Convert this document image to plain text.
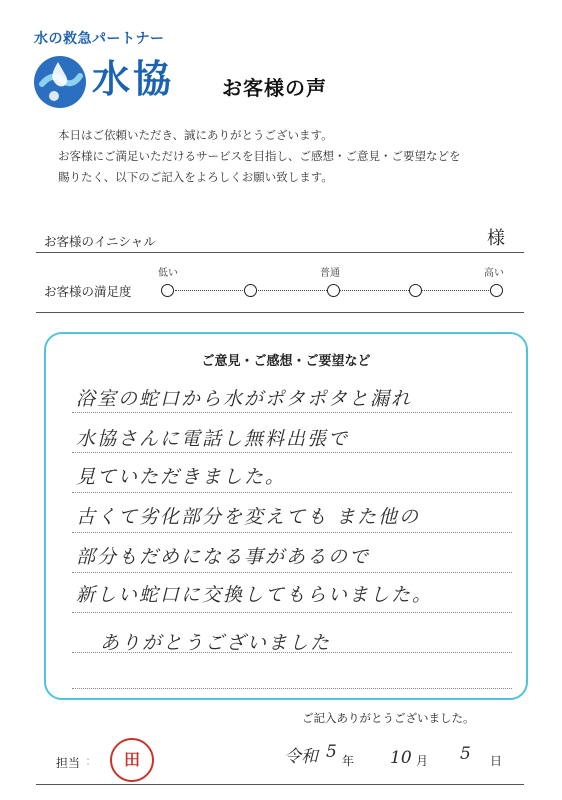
水の救急パートナー
水協 お客様の声
本日はご依頼いただき、誠にありがとうございます。
お客様にご満足いただけるサービスを目指し、ご感想・ご意見・ご要望などを
賜りたく、以下のご記入をよろしくお願い致します。
お客様のイニシャル	様
お客様の満足度
低い	普通	高い
ご意見・ご感想・ご要望など
浴室の蛇口から水がポタポタと漏れ
水協さんに電話し無料出張で
見ていただきました。
古くて劣化部分を変えても また他の
部分もだめになる事があるので
新しい蛇口に交換してもらいました。
ありがとうございました
ご記入ありがとうございました。
担当 :	田	令和 5 年 10 月 5 日
